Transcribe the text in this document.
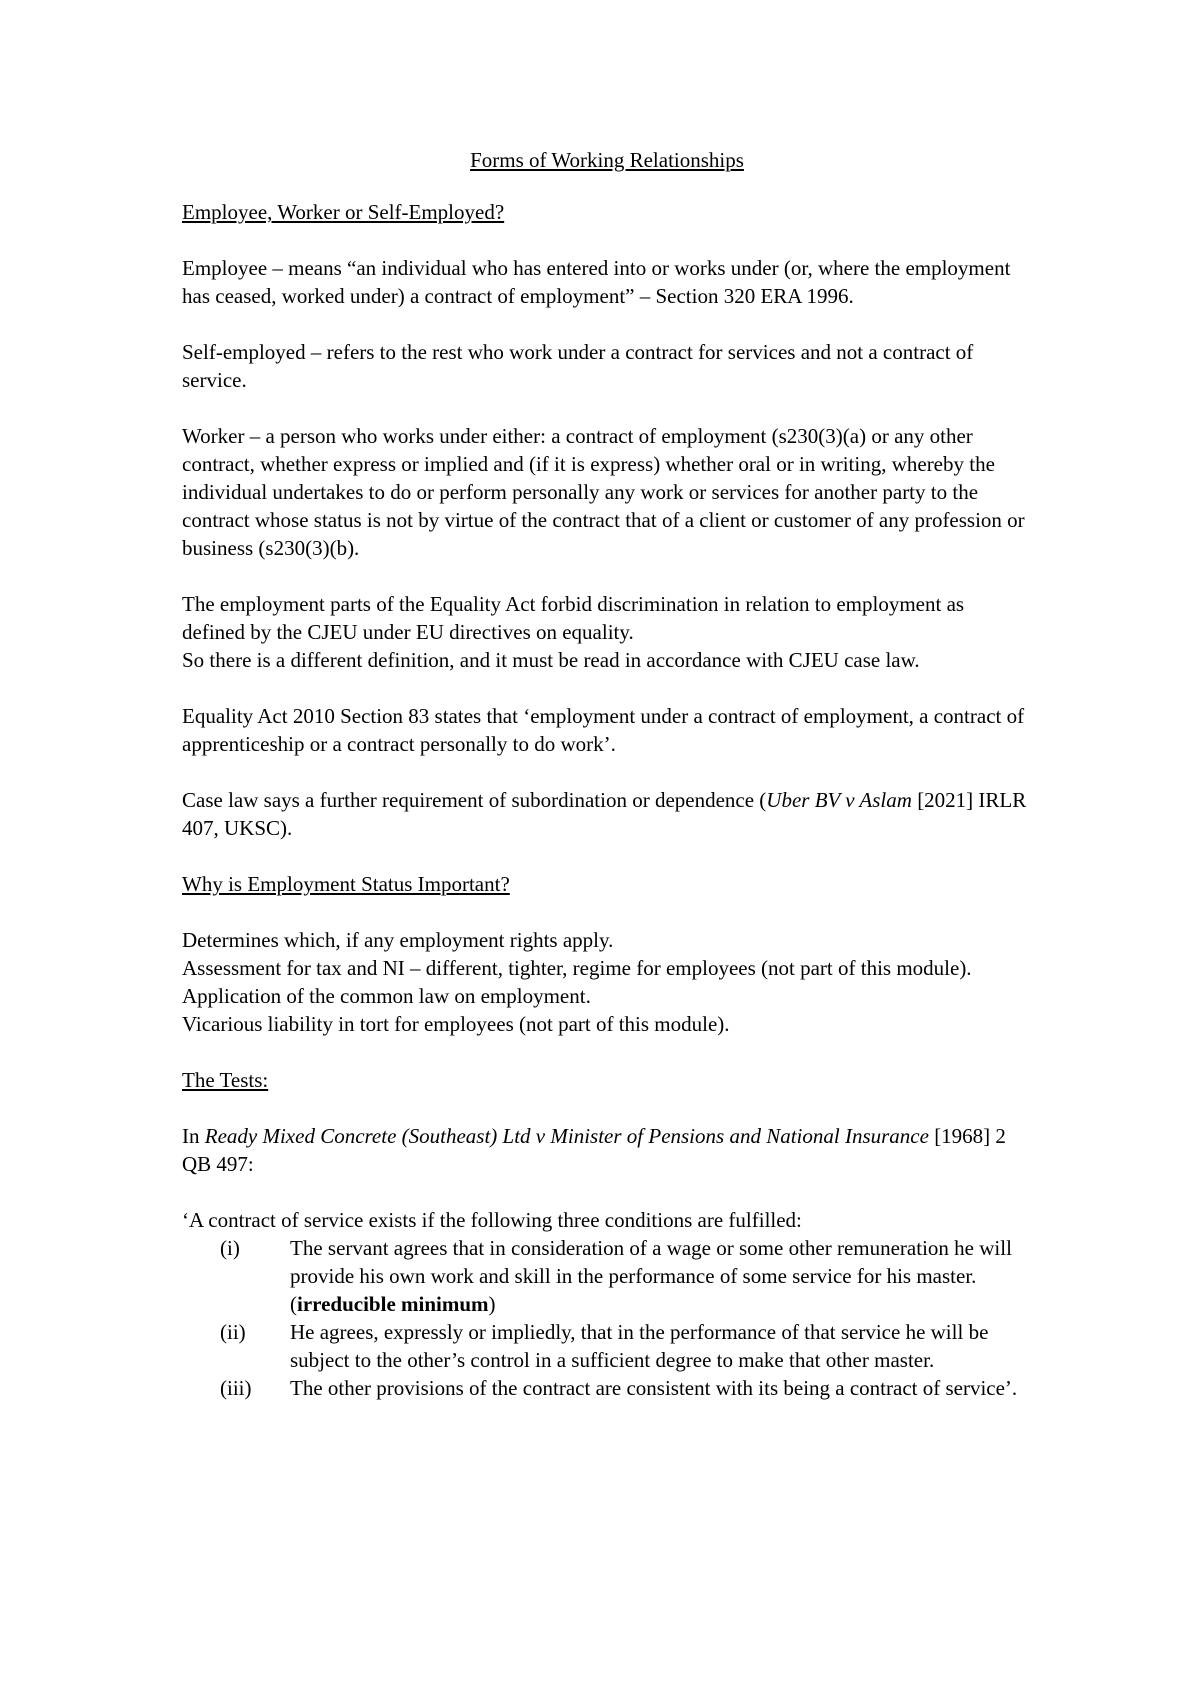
Forms of Working Relationships
Employee, Worker or Self-Employed?

Employee – means “an individual who has entered into or works under (or, where the employment has ceased, worked under) a contract of employment” – Section 320 ERA 1996.

Self-employed – refers to the rest who work under a contract for services and not a contract of service.

Worker – a person who works under either: a contract of employment (s230(3)(a) or any other contract, whether express or implied and (if it is express) whether oral or in writing, whereby the individual undertakes to do or perform personally any work or services for another party to the contract whose status is not by virtue of the contract that of a client or customer of any profession or business (s230(3)(b).

The employment parts of the Equality Act forbid discrimination in relation to employment as defined by the CJEU under EU directives on equality.
So there is a different definition, and it must be read in accordance with CJEU case law.

Equality Act 2010 Section 83 states that ‘employment under a contract of employment, a contract of apprenticeship or a contract personally to do work’.

Case law says a further requirement of subordination or dependence (Uber BV v Aslam [2021] IRLR 407, UKSC).

Why is Employment Status Important?

Determines which, if any employment rights apply.
Assessment for tax and NI – different, tighter, regime for employees (not part of this module).
Application of the common law on employment.
Vicarious liability in tort for employees (not part of this module).

The Tests:

In Ready Mixed Concrete (Southeast) Ltd v Minister of Pensions and National Insurance [1968] 2 QB 497:

‘A contract of service exists if the following three conditions are fulfilled:
(i)	The servant agrees that in consideration of a wage or some other remuneration he will provide his own work and skill in the performance of some service for his master. (irreducible minimum)
(ii)	He agrees, expressly or impliedly, that in the performance of that service he will be subject to the other’s control in a sufficient degree to make that other master.
(iii)	The other provisions of the contract are consistent with its being a contract of service’.
